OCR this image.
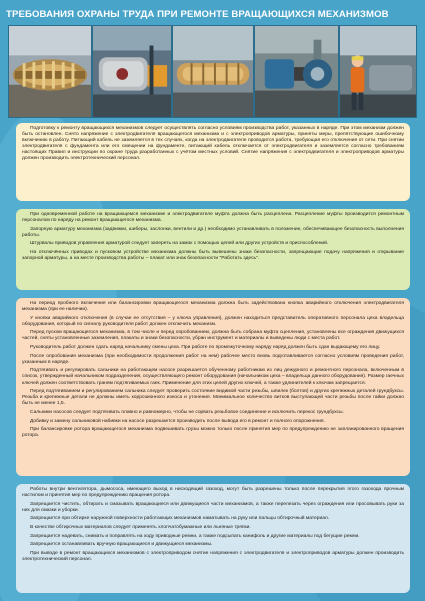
ТРЕБОВАНИЯ ОХРАНЫ ТРУДА ПРИ РЕМОНТЕ ВРАЩАЮЩИХСЯ МЕХАНИЗМОВ

Подготовку к ремонту вращающихся механизмов следует осуществлять согласно условиям производства работ, указанных в наряде. При этом механизм должен быть остановлен. Снято напряжение с электродвигателя вращающегося механизма и с электроприводов арматуры, приняты меры, препятствующие ошибочному включению в работу. Питающий кабель не заземляется в тех случаях, когда на электродвигателе проводится работа, требующая его отключения от сети. При снятии электродвигателя с фундамента или его смещении на фундаменте, питающий кабель отключается от электродвигателя и заземляется согласно требованиям настоящих Правил и инструкции по охране труда разработанных с учётом местных условий. Снятие напряжения с электродвигателя и электроприводов арматуры должен производить электротехнический персонал.

При одновременной работе на вращающемся механизме и электродвигателе муфта должна быть расцеплена. Расцепление муфты производится ремонтным персоналом по наряду на ремонт вращающегося механизма.

Запорную арматуру механизма (задвижки, шиберы, заслонки, вентили и др.) необходимо устанавливать в положение, обеспечивающее безопасность выполнения работы.

Штурвалы приводов управления арматурой следует запереть на замок с помощью цепей или других устройств и приспособлений.

На отключённых приводах и пусковом устройстве механизма должны быть вывешены знаки безопасности, запрещающие подачу напряжения и открывание запорной арматуры, а на месте производства работы – плакат или знак безопасности "Работать здесь".

На период пробного включения или балансировки вращающегося механизма должна быть задействована кнопка аварийного отключения электродвигателя механизма (при ее наличии).

У кнопки аварийного отключения (в случае ее отсутствия – у ключа управления), должен находиться представитель оперативного персонала цеха владельца оборудования, который по сигналу руководителя работ должен отключить механизм.

Перед пуском вращающегося механизма, в том числе и перед опробованием, должна быть собрана муфта сцепления, установлены все ограждения движущихся частей, сняты установленные заземления, плакаты и знаки безопасности, убран инструмент и материалы и выведены люди с места работ.

Руководитель работ должен сдать наряд начальнику смены цеха. При работе по промежуточному наряду наряд должен быть сдан выдающему его лицу.

После опробования механизма (при необходимости продолжения работ на нем) рабочее место вновь подготавливается согласно условиям проведения работ, указанным в наряде.

Подтягивать и регулировать сальники на работающем насосе разрешается обученному работникам из лиц дежурного и ремонтного персонала, включенным в список, утвержденный начальником подразделения, осуществляющего ремонт оборудования (начальником цеха – владельца данного оборудования). Размер гаечных ключей должен соответствовать граням подтягиваемых гаек. Применение для этих целей других ключей, а также удлинителей к ключам запрещается.

Перед подтягиванием и регулированием сальника следует проверить состояние видимой части резьбы, шпилек (болтов) и других крепежных деталей грундбуксы. Резьба и крепежные детали не должны иметь коррозионного износа и утонения. Минимальное количество витков выступающей части резьбы после гайки должно быть не менее 1,5.

Сальники насосов следует подтягивать плавно и равномерно, чтобы не сорвать резьбовое соединение и исключить перекос грундбуксы.

Добивку и замену сальниковой набивки на насосе разрешается производить после вывода его в ремонт и полного опорожнения.

При балансировке ротора вращающегося механизма подвешивать грузы можно только после принятия мер по предупреждению не запланированного вращения ротора.

Работы внутри вентилятора, дымососа, имеющего выход в нисходящий газоход, могут быть разрешены только после перекрытия этого газохода прочным настилом и принятия мер по предупреждению вращения ротора.

Запрещается чистить, обтирать и смазывать вращающиеся или движущиеся части механизмов, а также перелезать через ограждения или просовывать руки за них для смазки и уборки.

Запрещается при обтирке наружной поверхности работающих механизмов наматывать на руку или пальцы обтирочный материал.

В качестве обтирочных материалов следует применять хлопчатобумажные или льняные тряпки.

Запрещается надевать, снимать и поправлять на ходу приводные ремни, а также подсыпать канифоль и другие материалы под бегущие ремни.

Запрещается останавливать вручную вращающиеся и движущиеся механизмы.

При выводе в ремонт вращающихся механизмов с электроприводом снятие напряжения с электродвигателя и электроприводов арматуры должен производить электротехнический персонал.
